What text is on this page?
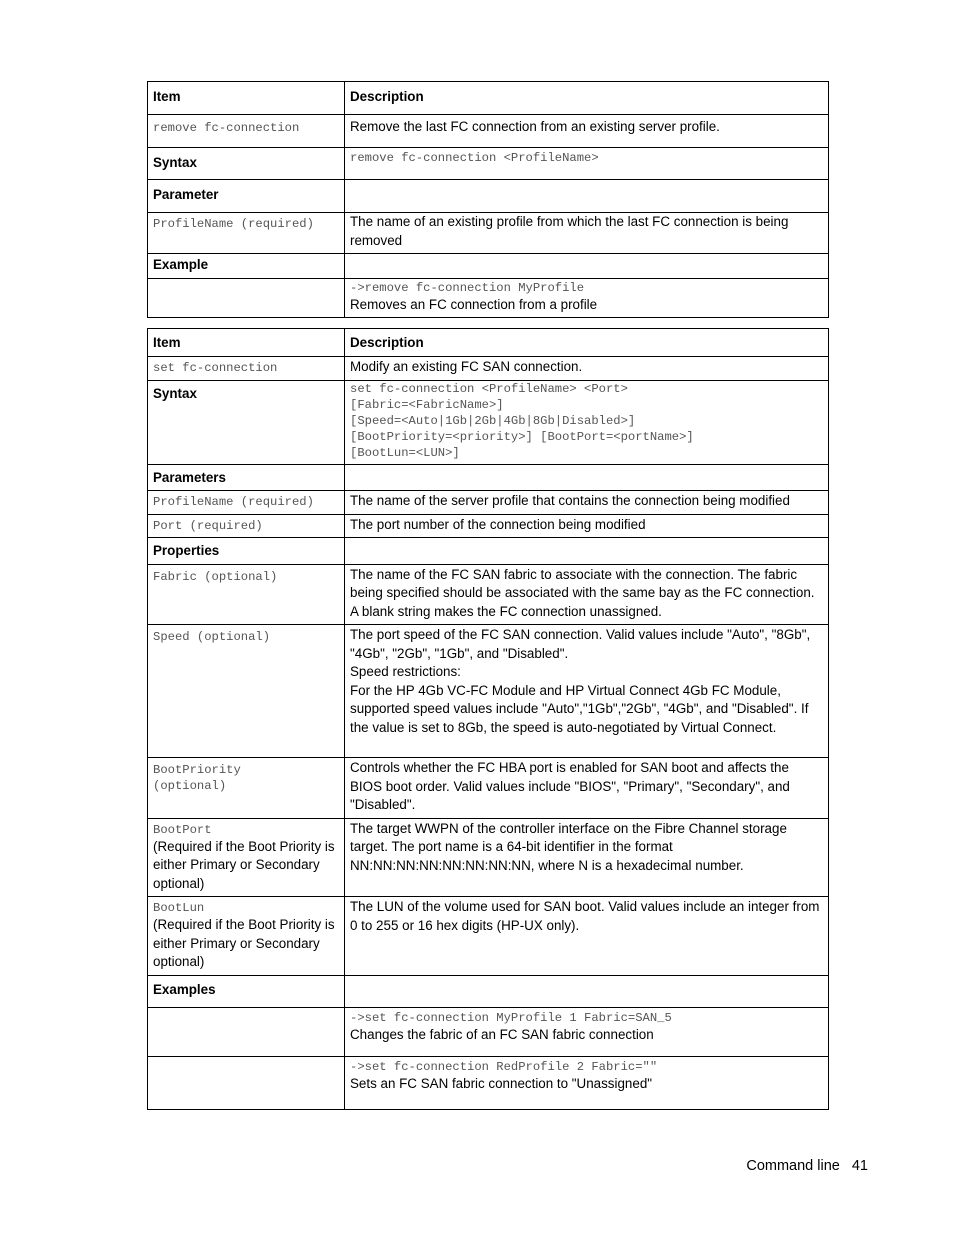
Item	Description
remove fc-connection	Remove the last FC connection from an existing server profile.
Syntax	remove fc-connection <ProfileName>
Parameter	
ProfileName (required)	The name of an existing profile from which the last FC connection is being removed
Example	

	->remove fc-connection MyProfile
Removes an FC connection from a profile
Item	Description
set fc-connection	Modify an existing FC SAN connection.
Syntax	set fc-connection <ProfileName> <Port>
[Fabric=<FabricName>]
[Speed=<Auto|1Gb|2Gb|4Gb|8Gb|Disabled>]
[BootPriority=<priority>] [BootPort=<portName>]
[BootLun=<LUN>]

Parameters	
ProfileName (required)	The name of the server profile that contains the connection being modified
Port (required)	The port number of the connection being modified
Properties	
Fabric (optional)	The name of the FC SAN fabric to associate with the connection. The fabric being specified should be associated with the same bay as the FC connection. A blank string makes the FC connection unassigned.
Speed (optional)	The port speed of the FC SAN connection. Valid values include "Auto", "8Gb", "4Gb", "2Gb", "1Gb", and "Disabled".
Speed restrictions:
For the HP 4Gb VC-FC Module and HP Virtual Connect 4Gb FC Module, supported speed values include "Auto","1Gb","2Gb", "4Gb", and "Disabled". If the value is set to 8Gb, the speed is auto-negotiated by Virtual Connect.

BootPriority
(optional)	Controls whether the FC HBA port is enabled for SAN boot and affects the BIOS boot order. Valid values include "BIOS", "Primary", "Secondary", and "Disabled".

BootPort
(Required if the Boot Priority is either Primary or Secondary optional)	The target WWPN of the controller interface on the Fibre Channel storage target. The port name is a 64-bit identifier in the format NN:NN:NN:NN:NN:NN:NN:NN, where N is a hexadecimal number.

BootLun
(Required if the Boot Priority is either Primary or Secondary optional)	The LUN of the volume used for SAN boot. Valid values include an integer from 0 to 255 or 16 hex digits (HP-UX only).
Examples	

	->set fc-connection MyProfile 1 Fabric=SAN_5
Changes the fabric of an FC SAN fabric connection

	->set fc-connection RedProfile 2 Fabric=""
Sets an FC SAN fabric connection to "Unassigned"
Command line 41
